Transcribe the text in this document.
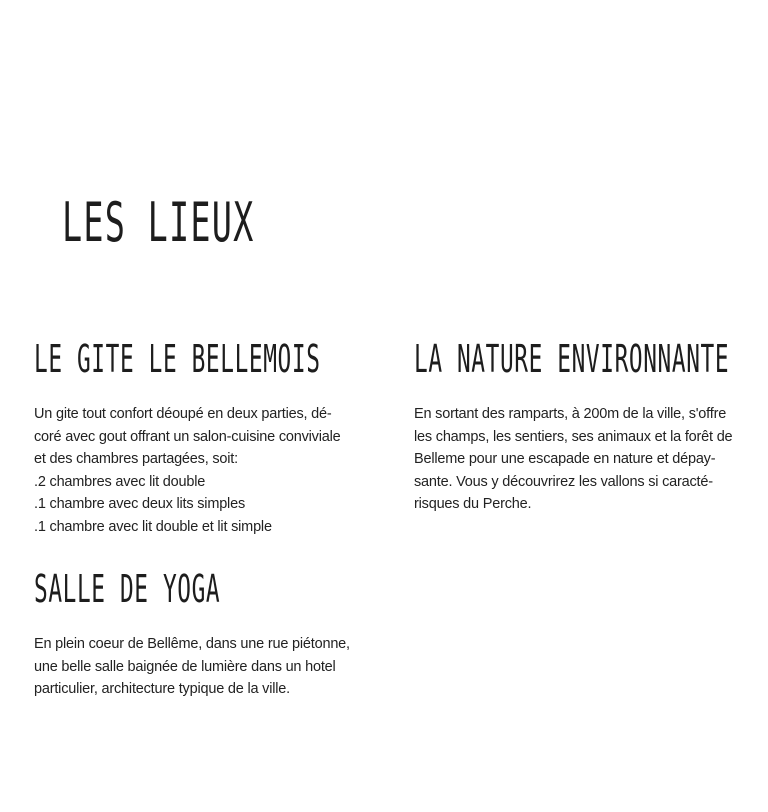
LES LIEUX
LE GITE LE BELLEMOIS

Un gite tout confort déoupé en deux parties, dé-
coré avec gout offrant un salon-cuisine conviviale
et des chambres partagées, soit:
.2 chambres avec lit double
.1 chambre avec deux lits simples
.1 chambre avec lit double et lit simple

LA NATURE ENVIRONNANTE

En sortant des ramparts, à 200m de la ville, s'offre
les champs, les sentiers, ses animaux et la forêt de
Belleme pour une escapade en nature et dépay-
sante. Vous y découvrirez les vallons si caracté-
risques du Perche.

SALLE DE YOGA

En plein coeur de Bellême, dans une rue piétonne,
une belle salle baignée de lumière dans un hotel
particulier, architecture typique de la ville.
